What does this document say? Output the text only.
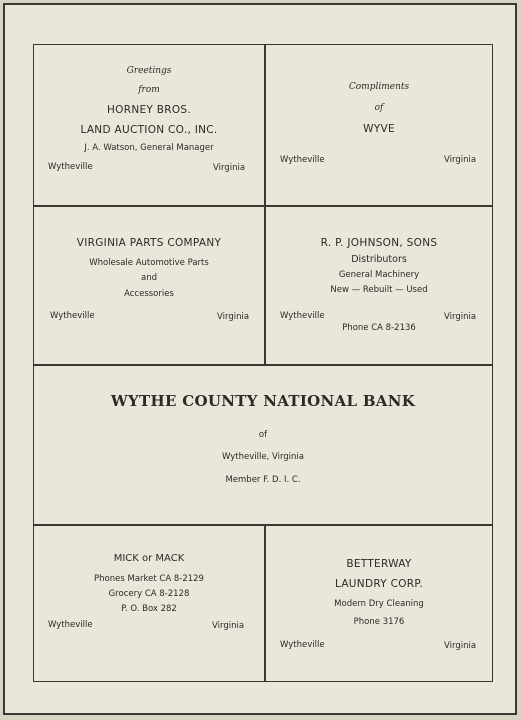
Greetings
from
HORNEY BROS.
LAND AUCTION CO., INC.
J. A. Watson, General Manager
Wytheville	Virginia
Compliments
of
WYVE
Wytheville	Virginia
VIRGINIA PARTS COMPANY
Wholesale Automotive Parts
and
Accessories
Wytheville	Virginia
R. P. JOHNSON, SONS
Distributors
General Machinery
New — Rebuilt — Used
Wytheville	Virginia
Phone CA 8-2136
WYTHE COUNTY NATIONAL BANK
of
Wytheville, Virginia
Member F. D. I. C.
MICK or MACK
Phones Market CA 8-2129
Grocery CA 8-2128
P. O. Box 282
Wytheville	Virginia
BETTERWAY
LAUNDRY CORP.
Modern Dry Cleaning
Phone 3176
Wytheville	Virginia
